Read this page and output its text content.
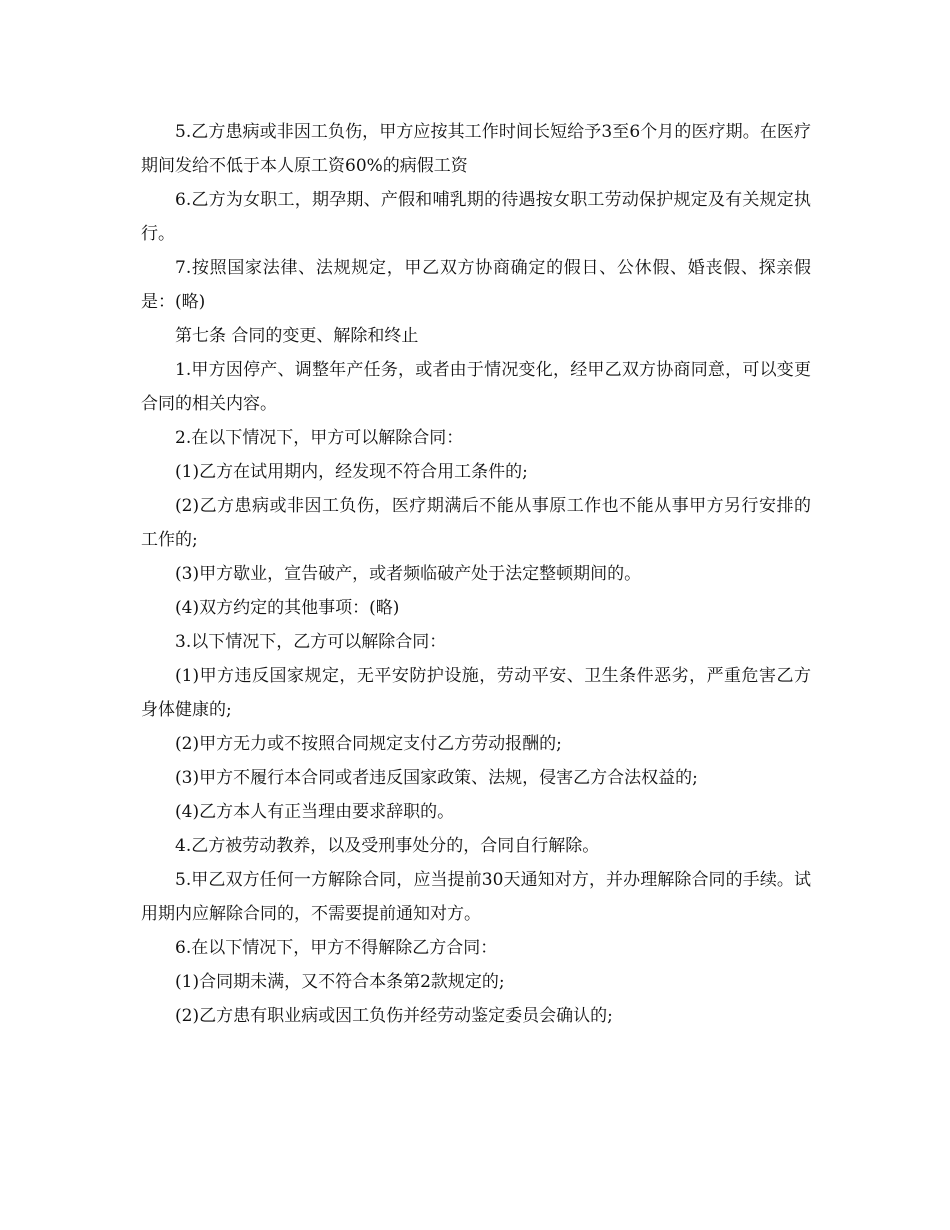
5.乙方患病或非因工负伤，甲方应按其工作时间长短给予3至6个月的医疗期。在医疗期间发给不低于本人原工资60%的病假工资

6.乙方为女职工，期孕期、产假和哺乳期的待遇按女职工劳动保护规定及有关规定执行。

7.按照国家法律、法规规定，甲乙双方协商确定的假日、公休假、婚丧假、探亲假是：(略)

第七条 合同的变更、解除和终止

1.甲方因停产、调整年产任务，或者由于情况变化，经甲乙双方协商同意，可以变更合同的相关内容。

2.在以下情况下，甲方可以解除合同：

(1)乙方在试用期内，经发现不符合用工条件的;

(2)乙方患病或非因工负伤，医疗期满后不能从事原工作也不能从事甲方另行安排的工作的;

(3)甲方歇业，宣告破产，或者频临破产处于法定整顿期间的。

(4)双方约定的其他事项：(略)

3.以下情况下，乙方可以解除合同：

(1)甲方违反国家规定，无平安防护设施，劳动平安、卫生条件恶劣，严重危害乙方身体健康的;

(2)甲方无力或不按照合同规定支付乙方劳动报酬的;

(3)甲方不履行本合同或者违反国家政策、法规，侵害乙方合法权益的;

(4)乙方本人有正当理由要求辞职的。

4.乙方被劳动教养，以及受刑事处分的，合同自行解除。

5.甲乙双方任何一方解除合同，应当提前30天通知对方，并办理解除合同的手续。试用期内应解除合同的，不需要提前通知对方。

6.在以下情况下，甲方不得解除乙方合同：

(1)合同期未满，又不符合本条第2款规定的;

(2)乙方患有职业病或因工负伤并经劳动鉴定委员会确认的;
